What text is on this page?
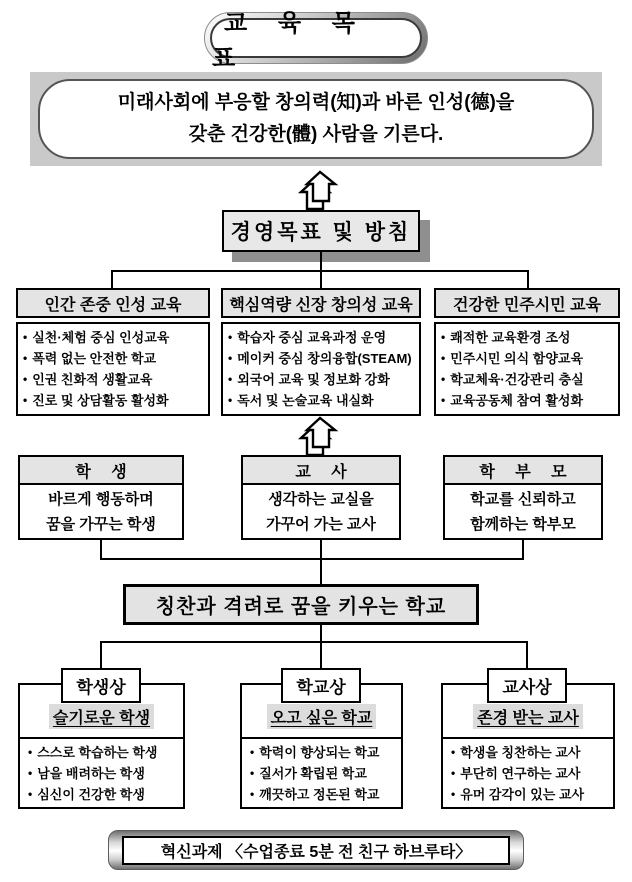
교 육 목 표
미래사회에 부응할 창의력(知)과 바른 인성(德)을
갖춘 건강한(體) 사람을 기른다.
경영목표 및 방침
인간 존중 인성 교육
• 실천·체험 중심 인성교육
• 폭력 없는 안전한 학교
• 인권 친화적 생활교육
• 진로 및 상담활동 활성화
핵심역량 신장 창의성 교육
• 학습자 중심 교육과정 운영
• 메이커 중심 창의융합(STEAM)
• 외국어 교육 및 정보화 강화
• 독서 및 논술교육 내실화
건강한 민주시민 교육
• 쾌적한 교육환경 조성
• 민주시민 의식 함양교육
• 학교체육·건강관리 충실
• 교육공동체 참여 활성화
학 생
바르게 행동하며
꿈을 가꾸는 학생
교 사
생각하는 교실을
가꾸어 가는 교사
학 부 모
학교를 신뢰하고
함께하는 학부모
칭찬과 격려로 꿈을 키우는 학교
학생상	학교상	교사상
슬기로운 학생
• 스스로 학습하는 학생
• 남을 배려하는 학생
• 심신이 건강한 학생
오고 싶은 학교
• 학력이 향상되는 학교
• 질서가 확립된 학교
• 깨끗하고 정돈된 학교
존경 받는 교사
• 학생을 칭찬하는 교사
• 부단히 연구하는 교사
• 유머 감각이 있는 교사
혁신과제 〈수업종료 5분 전 친구 하브루타〉
